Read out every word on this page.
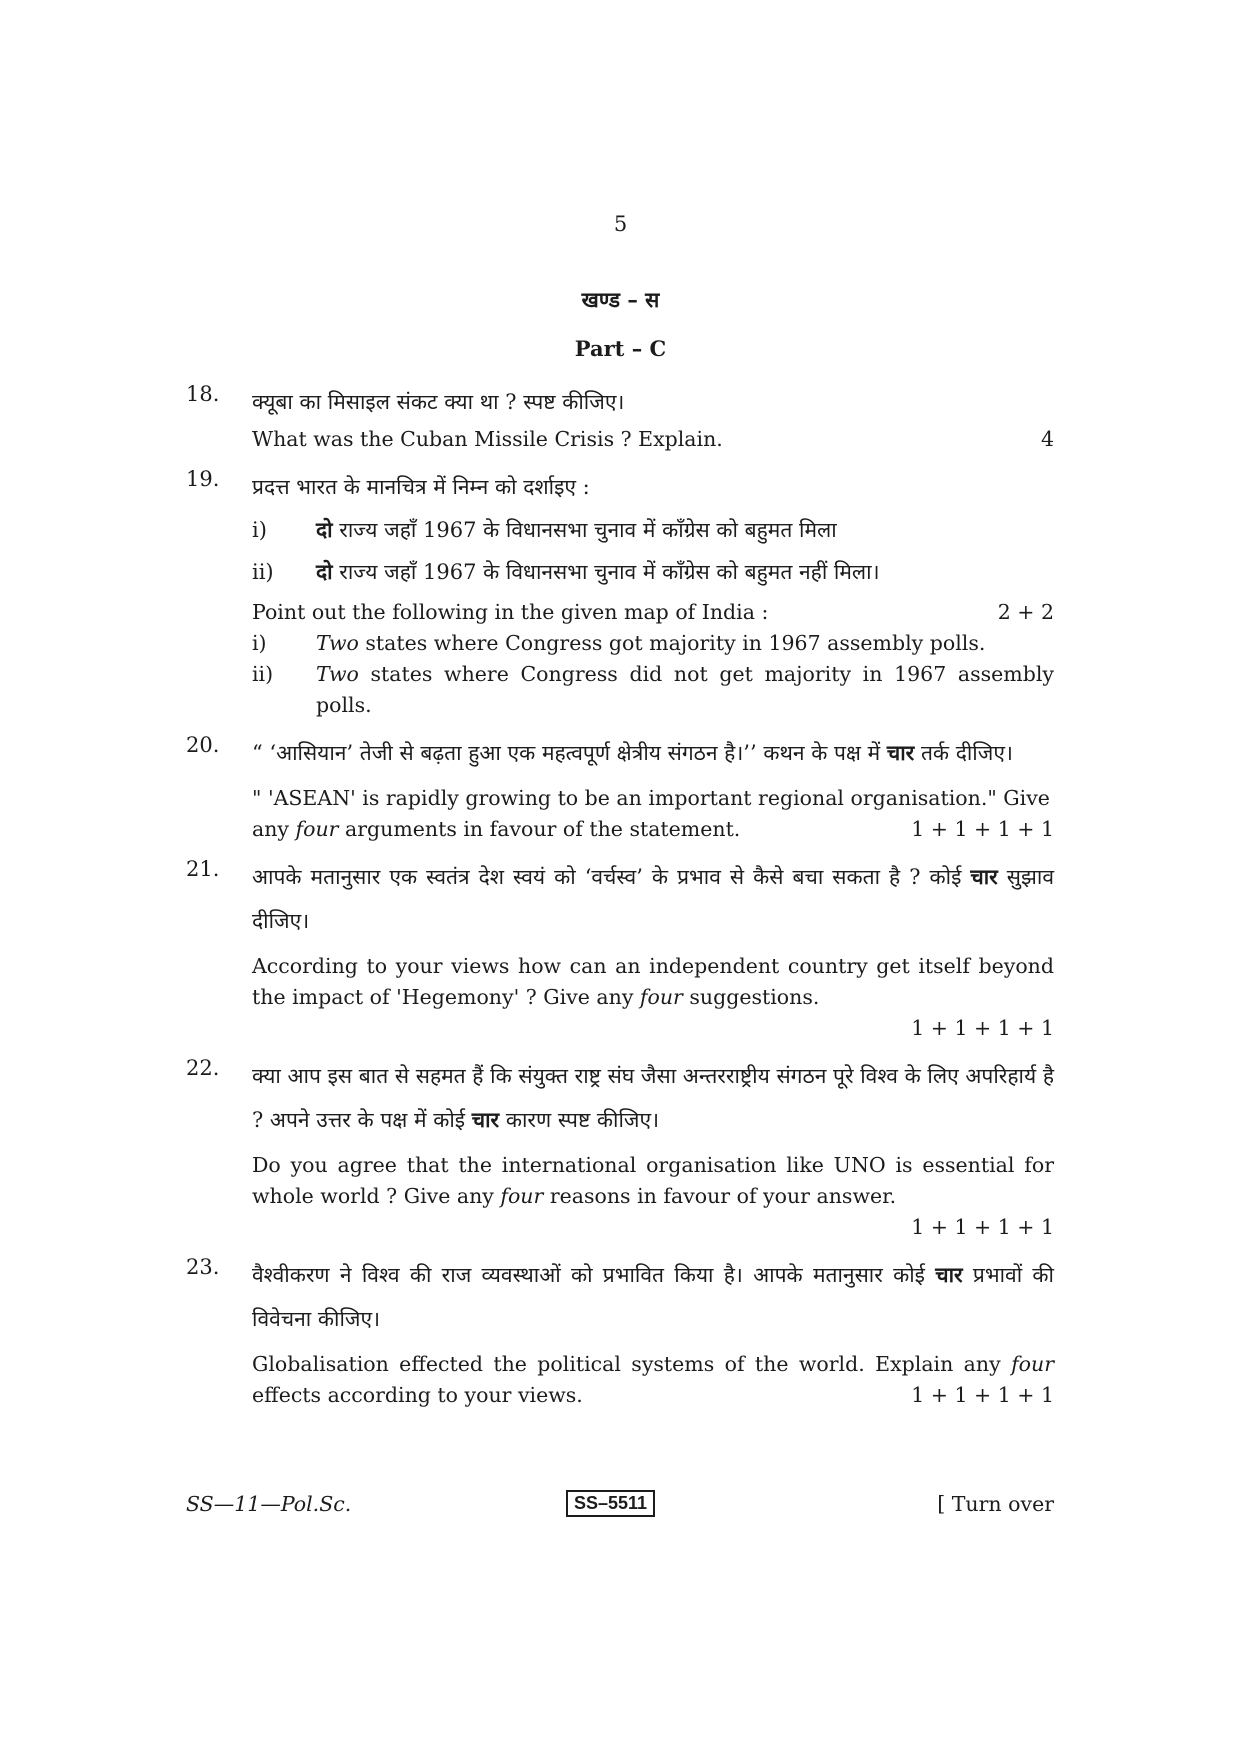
5
खण्ड – स
Part – C
18. क्यूबा का मिसाइल संकट क्या था ? स्पष्ट कीजिए।
What was the Cuban Missile Crisis ? Explain.	4
19. प्रदत्त भारत के मानचित्र में निम्न को दर्शाइए :
i) दो राज्य जहाँ 1967 के विधानसभा चुनाव में काँग्रेस को बहुमत मिला
ii) दो राज्य जहाँ 1967 के विधानसभा चुनाव में काँग्रेस को बहुमत नहीं मिला।
Point out the following in the given map of India :	2 + 2
i) Two states where Congress got majority in 1967 assembly polls.
ii) Two states where Congress did not get majority in 1967 assembly polls.
20. “ ‘आसियान’ तेजी से बढ़ता हुआ एक महत्वपूर्ण क्षेत्रीय संगठन है।’’ कथन के पक्ष में चार तर्क दीजिए।
" 'ASEAN' is rapidly growing to be an important regional organisation." Give any four arguments in favour of the statement.	1 + 1 + 1 + 1
21. आपके मतानुसार एक स्वतंत्र देश स्वयं को ‘वर्चस्व’ के प्रभाव से कैसे बचा सकता है ? कोई चार सुझाव दीजिए।
According to your views how can an independent country get itself beyond the impact of 'Hegemony' ? Give any four suggestions.
1 + 1 + 1 + 1
22. क्या आप इस बात से सहमत हैं कि संयुक्त राष्ट्र संघ जैसा अन्तरराष्ट्रीय संगठन पूरे विश्व के लिए अपरिहार्य है ? अपने उत्तर के पक्ष में कोई चार कारण स्पष्ट कीजिए।
Do you agree that the international organisation like UNO is essential for whole world ? Give any four reasons in favour of your answer.
1 + 1 + 1 + 1
23. वैश्वीकरण ने विश्व की राज व्यवस्थाओं को प्रभावित किया है। आपके मतानुसार कोई चार प्रभावों की विवेचना कीजिए।
Globalisation effected the political systems of the world. Explain any four effects according to your views.	1 + 1 + 1 + 1
SS—11—Pol.Sc.	SS–5511	[ Turn over
